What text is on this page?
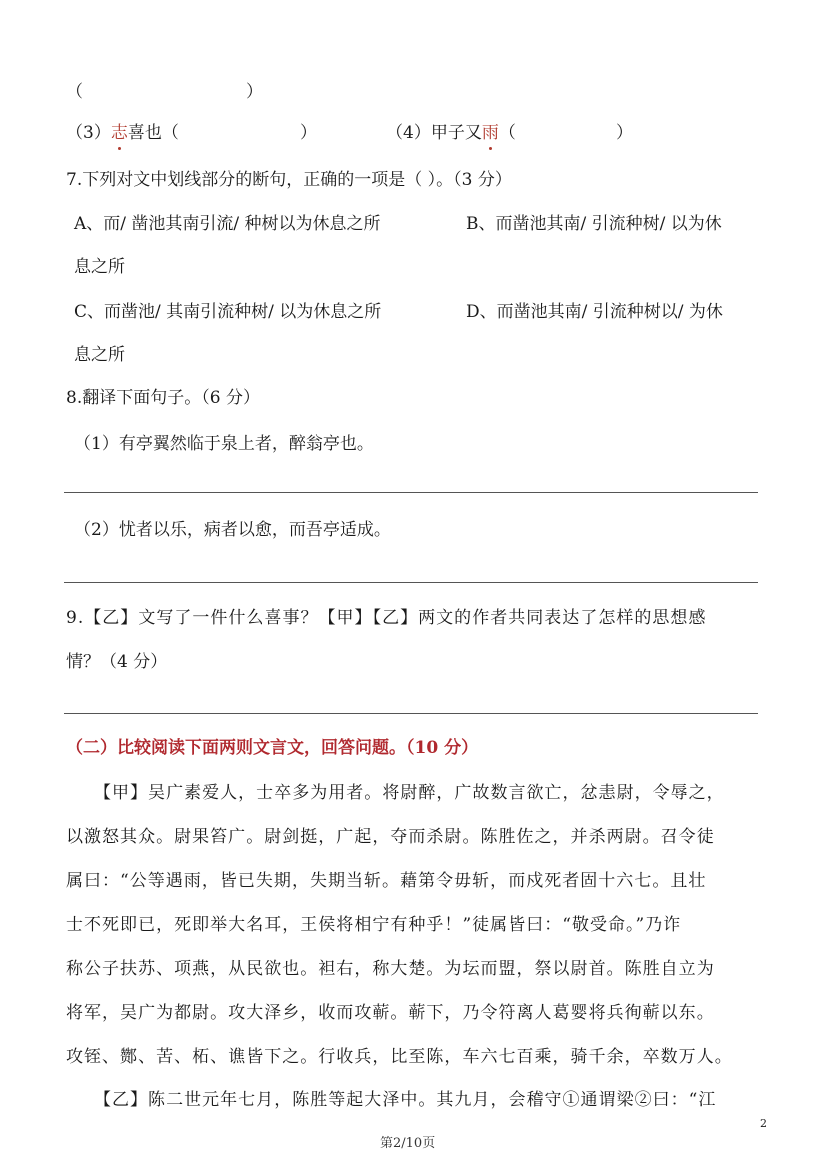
（	）
（3）志喜也（	）	（4）甲子又雨（	）
7.下列对文中划线部分的断句，正确的一项是（ ）。（3 分）
A、而/ 凿池其南引流/ 种树以为休息之所	B、而凿池其南/ 引流种树/ 以为休
息之所
C、而凿池/ 其南引流种树/ 以为休息之所	D、而凿池其南/ 引流种树以/ 为休
息之所
8.翻译下面句子。（6 分）
（1）有亭翼然临于泉上者，醉翁亭也。
（2）忧者以乐，病者以愈，而吾亭适成。
9.【乙】文写了一件什么喜事？【甲】【乙】两文的作者共同表达了怎样的思想感
情？（4 分）
（二）比较阅读下面两则文言文，回答问题。（10 分）
【甲】吴广素爱人，士卒多为用者。将尉醉，广故数言欲亡，忿恚尉，令辱之，
以激怒其众。尉果笞广。尉剑挺，广起，夺而杀尉。陈胜佐之，并杀两尉。召令徒
属曰：“公等遇雨，皆已失期，失期当斩。藉第令毋斩，而戍死者固十六七。且壮
士不死即已，死即举大名耳，王侯将相宁有种乎！”徒属皆曰：“敬受命。”乃诈
称公子扶苏、项燕，从民欲也。袒右，称大楚。为坛而盟，祭以尉首。陈胜自立为
将军，吴广为都尉。攻大泽乡，收而攻蕲。蕲下，乃令符离人葛婴将兵徇蕲以东。
攻铚、酂、苦、柘、谯皆下之。行收兵，比至陈，车六七百乘，骑千余，卒数万人。
【乙】陈二世元年七月，陈胜等起大泽中。其九月，会稽守①通谓梁②曰：“江
2
第2/10页
